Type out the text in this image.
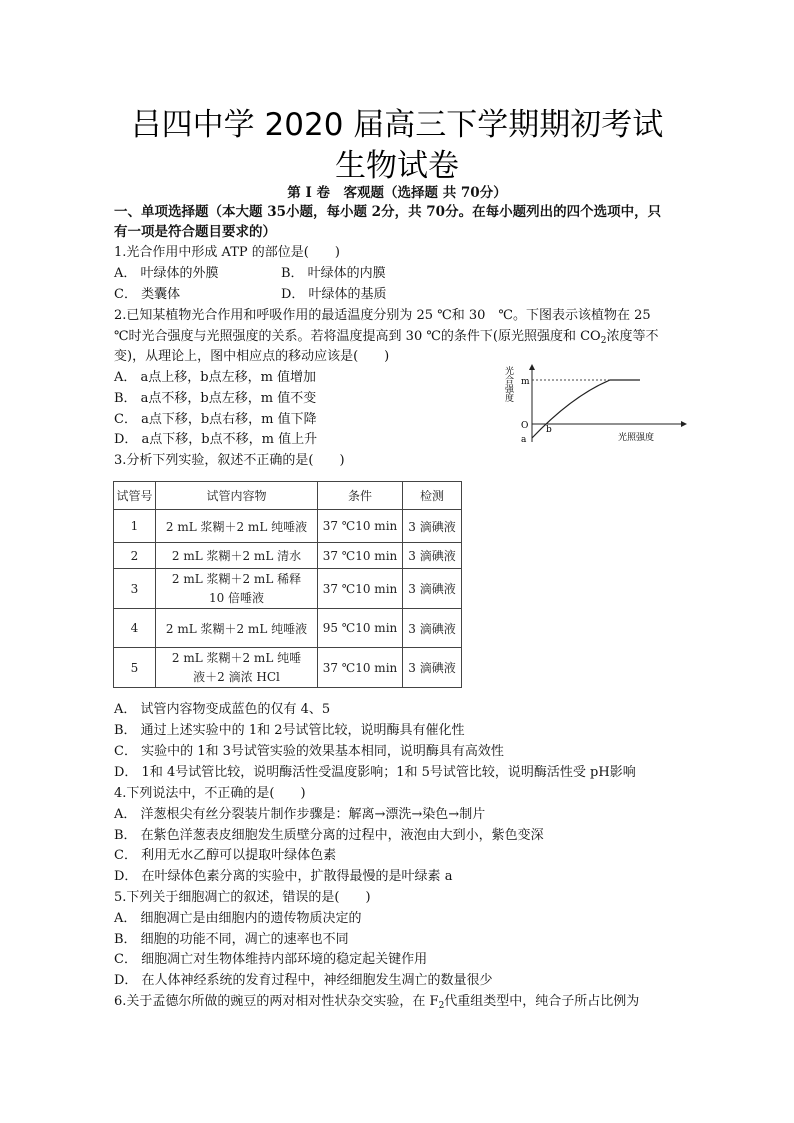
吕四中学 2020 届高三下学期期初考试
生物试卷
第 I 卷　客观题（选择题 共 70分）
一、单项选择题（本大题 35小题，每小题 2分，共 70分。在每小题列出的四个选项中，只
有一项是符合题目要求的）
1.光合作用中形成 ATP 的部位是(　　)
A． 叶绿体的外膜	B． 叶绿体的内膜
C． 类囊体	D． 叶绿体的基质
2.已知某植物光合作用和呼吸作用的最适温度分别为 25 ℃和 30　℃。下图表示该植物在 25
℃时光合强度与光照强度的关系。若将温度提高到 30 ℃的条件下(原光照强度和 $CO_2$浓度等不
变)，从理论上，图中相应点的移动应该是(　　)
A． a点上移，b点左移，m 值增加
B． a点不移，b点左移，m 值不变
C． a点下移，b点右移，m 值下降
D． a点下移，b点不移，m 值上升
光合强度
光照强度
m
O
a
b
3.分析下列实验，叙述不正确的是(　　)
试管号	试管内容物	条件	检测
1	2 mL 浆糊＋2 mL 纯唾液	37 ℃10 min	3 滴碘液
2	2 mL 浆糊＋2 mL 清水	37 ℃10 min	3 滴碘液
3	2 mL 浆糊＋2 mL 稀释
10 倍唾液	37 ℃10 min	3 滴碘液
4	2 mL 浆糊＋2 mL 纯唾液	95 ℃10 min	3 滴碘液
5	2 mL 浆糊＋2 mL 纯唾
液＋2 滴浓 HCl	37 ℃10 min	3 滴碘液
A． 试管内容物变成蓝色的仅有 4、5
B． 通过上述实验中的 1和 2号试管比较，说明酶具有催化性
C． 实验中的 1和 3号试管实验的效果基本相同，说明酶具有高效性
D． 1和 4号试管比较，说明酶活性受温度影响；1和 5号试管比较，说明酶活性受 pH影响
4.下列说法中，不正确的是(　　)
A． 洋葱根尖有丝分裂装片制作步骤是：解离→漂洗→染色→制片
B． 在紫色洋葱表皮细胞发生质壁分离的过程中，液泡由大到小，紫色变深
C． 利用无水乙醇可以提取叶绿体色素
D． 在叶绿体色素分离的实验中，扩散得最慢的是叶绿素 a
5.下列关于细胞凋亡的叙述，错误的是(　　)
A． 细胞凋亡是由细胞内的遗传物质决定的
B． 细胞的功能不同，凋亡的速率也不同
C． 细胞凋亡对生物体维持内部环境的稳定起关键作用
D． 在人体神经系统的发育过程中，神经细胞发生凋亡的数量很少
6.关于孟德尔所做的豌豆的两对相对性状杂交实验，在 $F_2$代重组类型中，纯合子所占比例为
